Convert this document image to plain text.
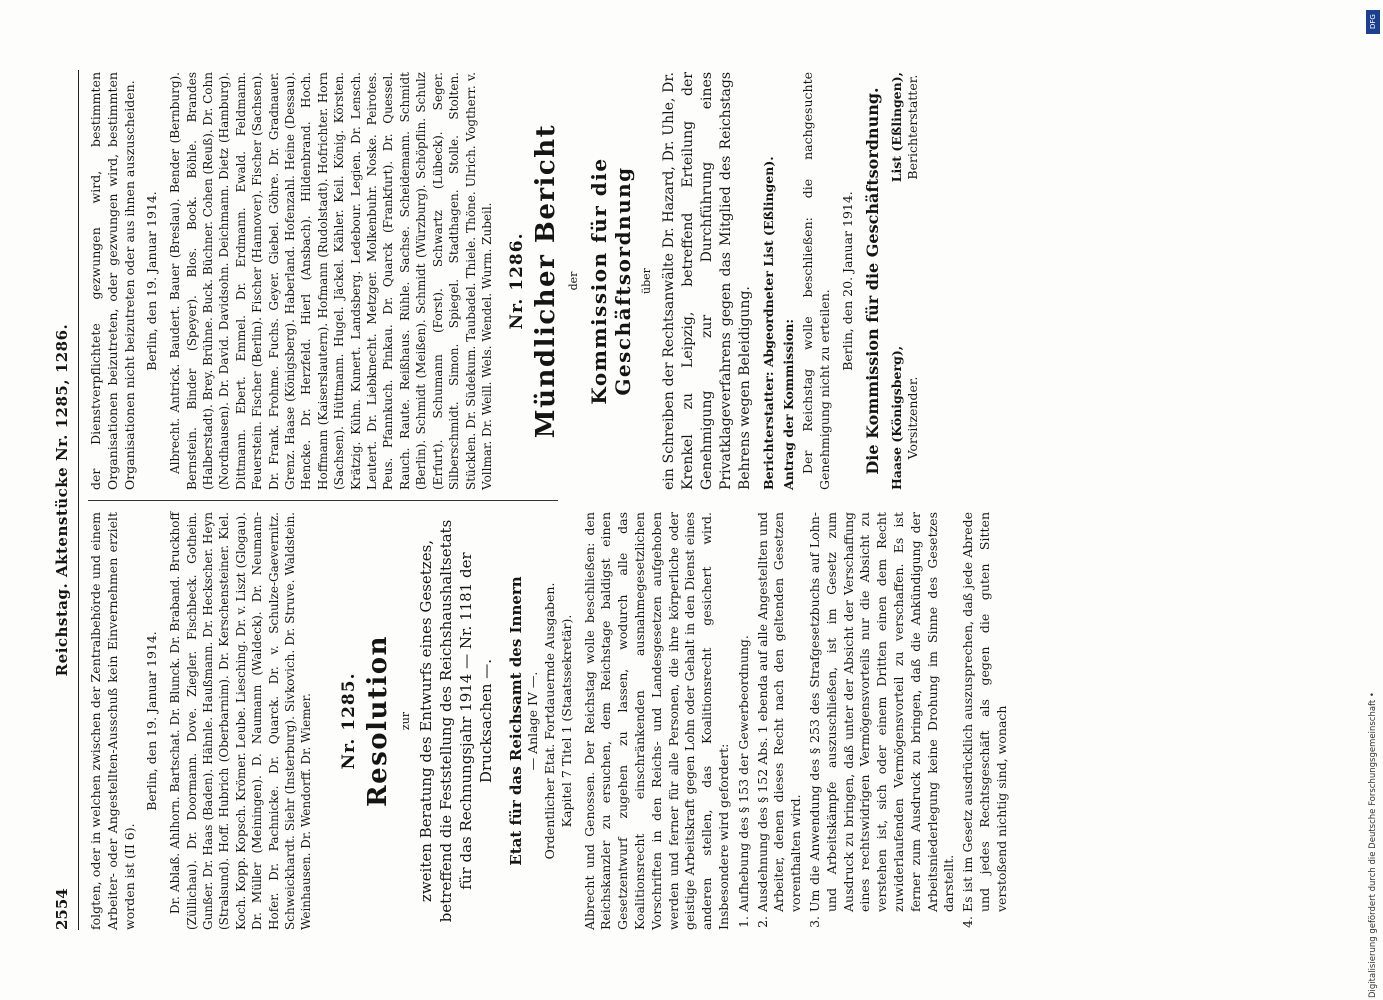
2554
Reichstag. Aktenstücke Nr. 1285, 1286.

folgten, oder in welchen zwischen der Zentralbehörde und einem Arbeiter- oder Angestellten-Ausschuß kein Einvernehmen erzielt worden ist (II 6).

Berlin, den 19. Januar 1914. Dr. Ablaß. Ahlhorn. Bartschat. Dr. Blunck. Dr. Braband. Bruckhoff (Züllichau). Dr. Doormann. Dove. Ziegler. Fischbeck. Gothein. Gunßer. Dr. Haas (Baden). Hähnle. Haußmann. Dr. Heckscher. Heyn (Stralsund). Hoff. Hubrich (Oberbarnim). Dr. Kerschensteiner. Kiel. Koch. Kopp. Kopsch. Krömer. Leube. Liesching. Dr. v. Liszt (Glogau). Dr. Müller (Meiningen). D. Naumann (Waldeck). Dr. Neumann-Hofer. Dr. Pachnicke. Dr. Quarck. Dr. v. Schulze-Gaevernitz. Schweickhardt. Siehr (Insterburg). Sivkovich. Dr. Struve. Waldstein. Weinhausen. Dr. Wendorff. Dr. Wiemer. Nr. 1285. Resolution zur zweiten Beratung des Entwurfs eines Gesetzes, betreffend die Feststellung des Reichshaushaltsetats für das Rechnungsjahr 1914 — Nr. 1181 der Drucksachen —. Etat für das Reichsamt des Innern — Anlage IV —. Ordentlicher Etat. Fortdauernde Ausgaben. Kapitel 7 Titel 1 (Staatssekretär). Albrecht und Genossen. Der Reichstag wolle beschließen: den Reichskanzler zu ersuchen, dem Reichstage baldigst einen Gesetzentwurf zugehen zu lassen, wodurch alle das Koalitionsrecht einschränkenden ausnahmegesetzlichen Vorschriften in den Reichs- und Landesgesetzen aufgehoben werden und ferner für alle Personen, die ihre körperliche oder geistige Arbeitskraft gegen Lohn oder Gehalt in den Dienst eines anderen stellen, das Koalitionsrecht gesichert wird. Insbesondere wird gefordert: 1. Aufhebung des § 153 der Gewerbeordnung. 2. Ausdehnung des § 152 Abs. 1 ebenda auf alle Angestellten und Arbeiter, denen dieses Recht nach den geltenden Gesetzen vorenthalten wird. 3. Um die Anwendung des § 253 des Strafgesetzbuchs auf Lohn- und Arbeitskämpfe auszuschließen, ist im Gesetz zum Ausdruck zu bringen, daß unter der Absicht der Verschaffung eines rechtswidrigen Vermögensvorteils nur die Absicht zu verstehen ist, sich oder einem Dritten einen dem Recht zuwiderlaufenden Vermögensvorteil zu verschaffen. Es ist ferner zum Ausdruck zu bringen, daß die Ankündigung der Arbeitsniederlegung keine Drohung im Sinne des Gesetzes darstellt. 4. Es ist im Gesetz ausdrücklich auszusprechen, daß jede Abrede und jedes Rechtsgeschäft als gegen die guten Sitten verstoßend nichtig sind, wonach

der Dienstverpflichtete gezwungen wird, bestimmten Organisationen beizutreten, oder gezwungen wird, bestimmten Organisationen nicht beizutreten oder aus ihnen auszuscheiden. Berlin, den 19. Januar 1914. Albrecht. Antrick. Baudert. Bauer (Breslau). Bender (Bernburg). Bernstein. Binder (Speyer). Blos. Bock. Böhle. Brandes (Halberstadt). Brey. Brühne. Buck. Büchner. Cohen (Reuß). Dr. Cohn (Nordhausen). Dr. David. Davidsohn. Deichmann. Dietz (Hamburg). Dittmann. Ebert. Emmel. Dr. Erdmann. Ewald. Feldmann. Feuerstein. Fischer (Berlin). Fischer (Hannover). Fischer (Sachsen). Dr. Frank. Frohme. Fuchs. Geyer. Giebel. Göhre. Dr. Gradnauer. Grenz. Haase (Königsberg). Haberland. Hofenzahl. Heine (Dessau). Hencke. Dr. Herzfeld. Hierl (Ansbach). Hildenbrand. Hoch. Hoffmann (Kaiserslautern). Hofmann (Rudolstadt). Hofrichter. Horn (Sachsen). Hüttmann. Hugel. Jäckel. Kähler. Keil. König. Körsten. Krätzig. Kühn. Kunert. Landsberg. Ledebour. Legien. Dr. Lensch. Leutert. Dr. Liebknecht. Metzger. Molkenbuhr. Noske. Peirotes. Peus. Pfannkuch. Pinkau. Dr. Quarck (Frankfurt). Dr. Quessel. Rauch. Raute. Reißhaus. Rühle. Sachse. Scheidemann. Schmidt (Berlin). Schmidt (Meißen). Schmidt (Würzburg). Schöpflin. Schulz (Erfurt). Schumann (Forst). Schwartz (Lübeck). Seger. Silberschmidt. Simon. Spiegel. Stadthagen. Stolle. Stolten. Stücklen. Dr. Südekum. Taubadel. Thiele. Thöne. Ulrich. Vogtherr. v. Vollmar. Dr. Weill. Wels. Wendel. Wurm. Zubeil. Nr. 1286. Mündlicher Bericht der Kommission für die Geschäftsordnung über ein Schreiben der Rechtsanwälte Dr. Hazard, Dr. Uhle, Dr. Krenkel zu Leipzig, betreffend Erteilung der Genehmigung zur Durchführung eines Privatklageverfahrens gegen das Mitglied des Reichstags Behrens wegen Beleidigung. Berichterstatter: Abgeordneter List (Eßlingen). Antrag der Kommission: Der Reichstag wolle beschließen: die nachgesuchte Genehmigung nicht zu erteilen.

Berlin, den 20. Januar 1914. Die Kommission für die Geschäftsordnung. Haase (Königsberg), Vorsitzender.
List (Eßlingen), Berichterstatter.
Digitalisierung gefördert durch die Deutsche Forschungsgemeinschaft •
DFG
